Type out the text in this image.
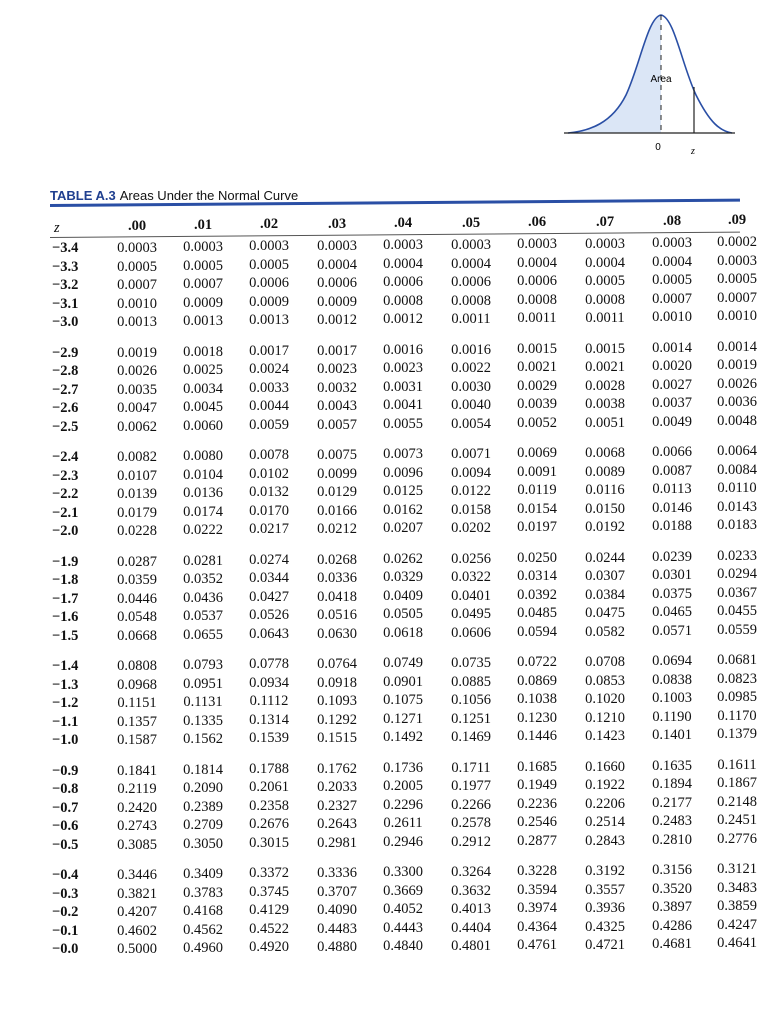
Area
0	z
TABLE A.3 Areas Under the Normal Curve
z	.00	.01	.02	.03	.04	.05	.06	.07	.08	.09
−3.4	0.0003	0.0003	0.0003	0.0003	0.0003	0.0003	0.0003	0.0003	0.0003	0.0002
−3.3	0.0005	0.0005	0.0005	0.0004	0.0004	0.0004	0.0004	0.0004	0.0004	0.0003
−3.2	0.0007	0.0007	0.0006	0.0006	0.0006	0.0006	0.0006	0.0005	0.0005	0.0005
−3.1	0.0010	0.0009	0.0009	0.0009	0.0008	0.0008	0.0008	0.0008	0.0007	0.0007
−3.0	0.0013	0.0013	0.0013	0.0012	0.0012	0.0011	0.0011	0.0011	0.0010	0.0010
−2.9	0.0019	0.0018	0.0017	0.0017	0.0016	0.0016	0.0015	0.0015	0.0014	0.0014
−2.8	0.0026	0.0025	0.0024	0.0023	0.0023	0.0022	0.0021	0.0021	0.0020	0.0019
−2.7	0.0035	0.0034	0.0033	0.0032	0.0031	0.0030	0.0029	0.0028	0.0027	0.0026
−2.6	0.0047	0.0045	0.0044	0.0043	0.0041	0.0040	0.0039	0.0038	0.0037	0.0036
−2.5	0.0062	0.0060	0.0059	0.0057	0.0055	0.0054	0.0052	0.0051	0.0049	0.0048
−2.4	0.0082	0.0080	0.0078	0.0075	0.0073	0.0071	0.0069	0.0068	0.0066	0.0064
−2.3	0.0107	0.0104	0.0102	0.0099	0.0096	0.0094	0.0091	0.0089	0.0087	0.0084
−2.2	0.0139	0.0136	0.0132	0.0129	0.0125	0.0122	0.0119	0.0116	0.0113	0.0110
−2.1	0.0179	0.0174	0.0170	0.0166	0.0162	0.0158	0.0154	0.0150	0.0146	0.0143
−2.0	0.0228	0.0222	0.0217	0.0212	0.0207	0.0202	0.0197	0.0192	0.0188	0.0183
−1.9	0.0287	0.0281	0.0274	0.0268	0.0262	0.0256	0.0250	0.0244	0.0239	0.0233
−1.8	0.0359	0.0352	0.0344	0.0336	0.0329	0.0322	0.0314	0.0307	0.0301	0.0294
−1.7	0.0446	0.0436	0.0427	0.0418	0.0409	0.0401	0.0392	0.0384	0.0375	0.0367
−1.6	0.0548	0.0537	0.0526	0.0516	0.0505	0.0495	0.0485	0.0475	0.0465	0.0455
−1.5	0.0668	0.0655	0.0643	0.0630	0.0618	0.0606	0.0594	0.0582	0.0571	0.0559
−1.4	0.0808	0.0793	0.0778	0.0764	0.0749	0.0735	0.0722	0.0708	0.0694	0.0681
−1.3	0.0968	0.0951	0.0934	0.0918	0.0901	0.0885	0.0869	0.0853	0.0838	0.0823
−1.2	0.1151	0.1131	0.1112	0.1093	0.1075	0.1056	0.1038	0.1020	0.1003	0.0985
−1.1	0.1357	0.1335	0.1314	0.1292	0.1271	0.1251	0.1230	0.1210	0.1190	0.1170
−1.0	0.1587	0.1562	0.1539	0.1515	0.1492	0.1469	0.1446	0.1423	0.1401	0.1379
−0.9	0.1841	0.1814	0.1788	0.1762	0.1736	0.1711	0.1685	0.1660	0.1635	0.1611
−0.8	0.2119	0.2090	0.2061	0.2033	0.2005	0.1977	0.1949	0.1922	0.1894	0.1867
−0.7	0.2420	0.2389	0.2358	0.2327	0.2296	0.2266	0.2236	0.2206	0.2177	0.2148
−0.6	0.2743	0.2709	0.2676	0.2643	0.2611	0.2578	0.2546	0.2514	0.2483	0.2451
−0.5	0.3085	0.3050	0.3015	0.2981	0.2946	0.2912	0.2877	0.2843	0.2810	0.2776
−0.4	0.3446	0.3409	0.3372	0.3336	0.3300	0.3264	0.3228	0.3192	0.3156	0.3121
−0.3	0.3821	0.3783	0.3745	0.3707	0.3669	0.3632	0.3594	0.3557	0.3520	0.3483
−0.2	0.4207	0.4168	0.4129	0.4090	0.4052	0.4013	0.3974	0.3936	0.3897	0.3859
−0.1	0.4602	0.4562	0.4522	0.4483	0.4443	0.4404	0.4364	0.4325	0.4286	0.4247
−0.0	0.5000	0.4960	0.4920	0.4880	0.4840	0.4801	0.4761	0.4721	0.4681	0.4641
